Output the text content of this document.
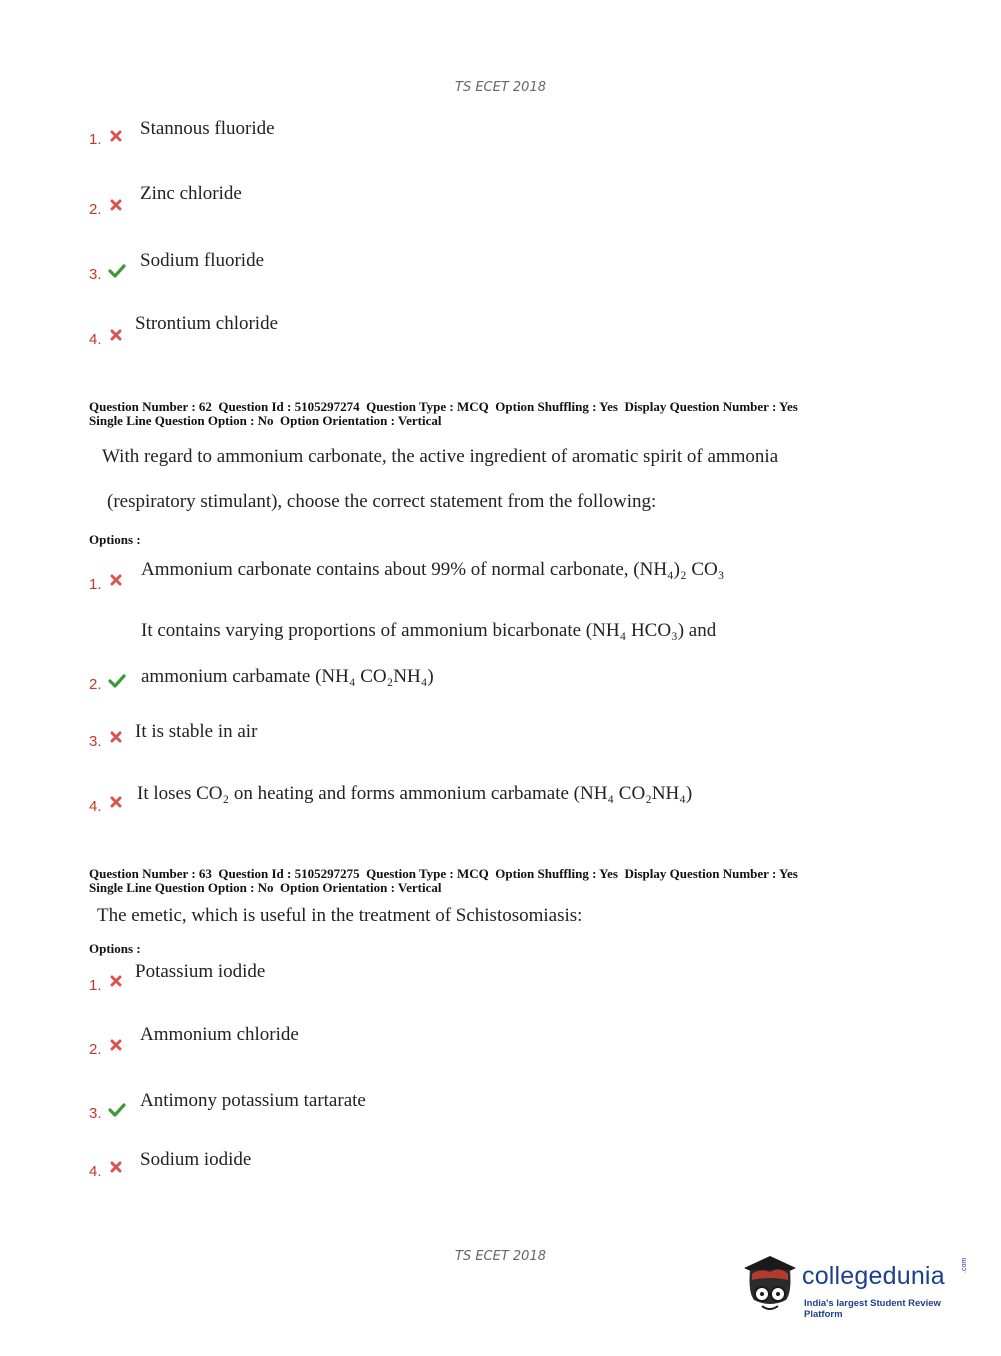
TS ECET 2018
1.
Stannous fluoride
2.
Zinc chloride
3.
Sodium fluoride
4.
Strontium chloride
Question Number : 62  Question Id : 5105297274  Question Type : MCQ  Option Shuffling : Yes  Display Question Number : Yes
Single Line Question Option : No  Option Orientation : Vertical
With regard to ammonium carbonate, the active ingredient of aromatic spirit of ammonia
(respiratory stimulant), choose the correct statement from the following:
Options :
1.
Ammonium carbonate contains about 99% of normal carbonate, (NH₄)₂ CO₃
It contains varying proportions of ammonium bicarbonate (NH₄ HCO₃) and
2. ammonium carbamate (NH₄ CO₂NH₄)
3. It is stable in air
4.
It loses CO₂ on heating and forms ammonium carbamate (NH₄ CO₂NH₄)
Question Number : 63  Question Id : 5105297275  Question Type : MCQ  Option Shuffling : Yes  Display Question Number : Yes
Single Line Question Option : No  Option Orientation : Vertical
The emetic, which is useful in the treatment of Schistosomiasis:
Options :
1.
Potassium iodide
2.
Ammonium chloride
3.
Antimony potassium tartarate
4.
Sodium iodide
TS ECET 2018
collegedunia
India's largest Student Review Platform
.com
